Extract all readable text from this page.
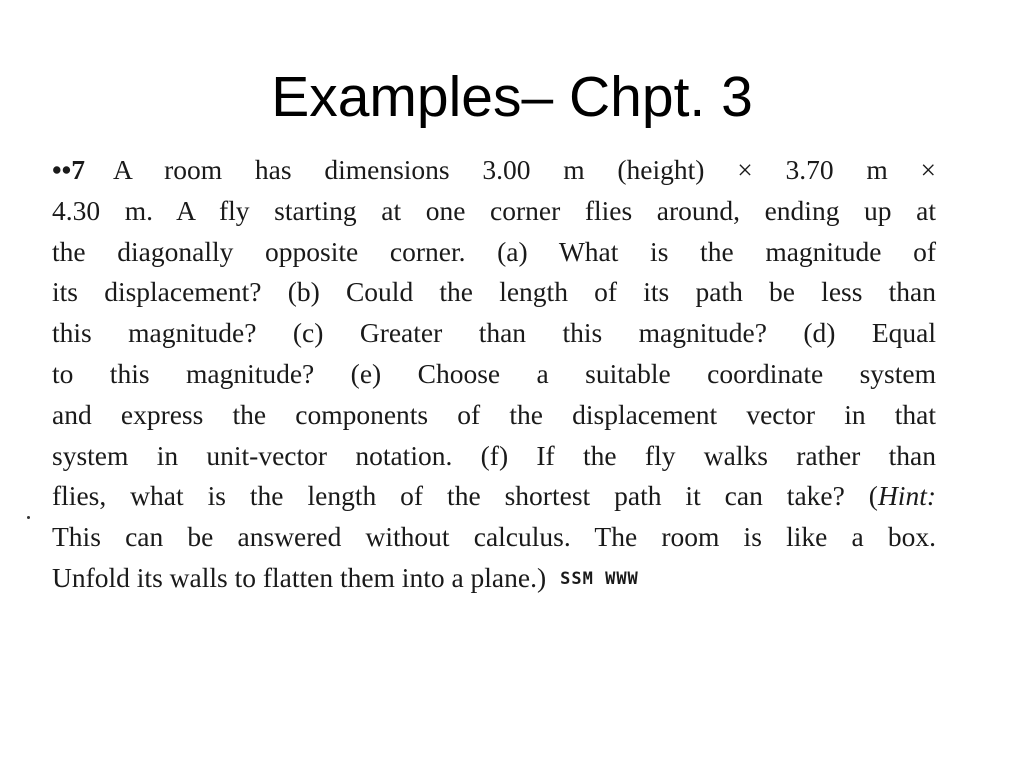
Examples– Chpt. 3
••7 A room has dimensions 3.00 m (height) × 3.70 m ×
4.30 m. A fly starting at one corner flies around, ending up at
the diagonally opposite corner. (a) What is the magnitude of
its displacement? (b) Could the length of its path be less than
this magnitude? (c) Greater than this magnitude? (d) Equal
to this magnitude? (e) Choose a suitable coordinate system
and express the components of the displacement vector in that
system in unit-vector notation. (f) If the fly walks rather than
flies, what is the length of the shortest path it can take? (Hint:
This can be answered without calculus. The room is like a box.
Unfold its walls to flatten them into a plane.) SSM WWW
